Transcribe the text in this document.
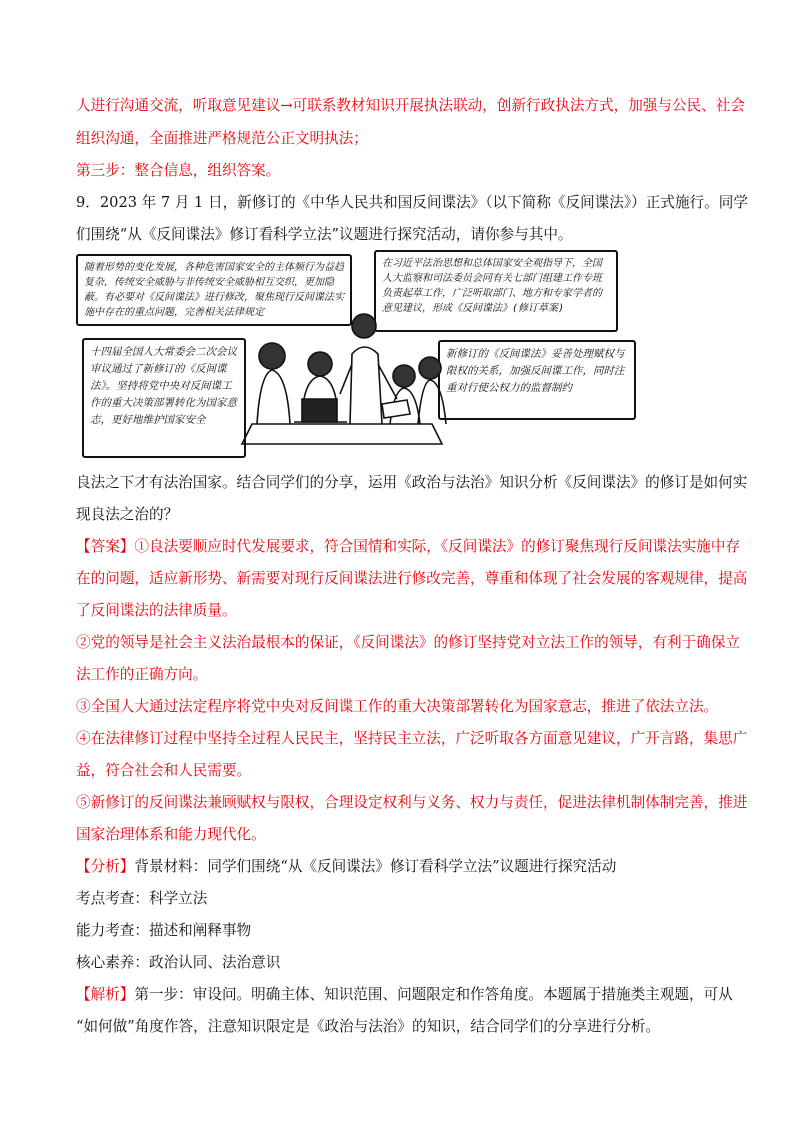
人进行沟通交流，听取意见建议→可联系教材知识开展执法联动，创新行政执法方式，加强与公民、社会
组织沟通，全面推进严格规范公正文明执法；
第三步：整合信息，组织答案。
9．2023 年 7 月 1 日，新修订的《中华人民共和国反间谍法》（以下简称《反间谍法》）正式施行。同学
们围绕“从《反间谍法》修订看科学立法”议题进行探究活动，请你参与其中。
随着形势的变化发展，各种危害国家安全的主体频行为益趋复杂，传统安全威胁与非传统安全威胁相互交织，更加隐蔽。有必要对《反间谍法》进行修改，聚焦现行反间谍法实施中存在的重点问题，完善相关法律规定
在习近平法治思想和总体国家安全观指导下，全国人大监察和司法委员会同有关七部门组建工作专班负责起草工作，广泛听取部门、地方和专家学者的意见建议，形成《反间谍法》(修订草案)
十四届全国人大常委会二次会议审议通过了新修订的《反间谍法》。坚持将党中央对反间谍工作的重大决策部署转化为国家意志，更好地维护国家安全
新修订的《反间谍法》妥善处理赋权与限权的关系，加强反间谍工作，同时注重对行使公权力的监督制约
良法之下才有法治国家。结合同学们的分享，运用《政治与法治》知识分析《反间谍法》的修订是如何实
现良法之治的？
【答案】①良法要顺应时代发展要求，符合国情和实际，《反间谍法》的修订聚焦现行反间谍法实施中存
在的问题，适应新形势、新需要对现行反间谍法进行修改完善，尊重和体现了社会发展的客观规律，提高
了反间谍法的法律质量。
②党的领导是社会主义法治最根本的保证，《反间谍法》的修订坚持党对立法工作的领导，有利于确保立
法工作的正确方向。
③全国人大通过法定程序将党中央对反间谍工作的重大决策部署转化为国家意志，推进了依法立法。
④在法律修订过程中坚持全过程人民民主，坚持民主立法，广泛听取各方面意见建议，广开言路，集思广
益，符合社会和人民需要。
⑤新修订的反间谍法兼顾赋权与限权，合理设定权利与义务、权力与责任，促进法律机制体制完善，推进
国家治理体系和能力现代化。
【分析】背景材料：同学们围绕“从《反间谍法》修订看科学立法”议题进行探究活动
考点考查：科学立法
能力考查：描述和阐释事物
核心素养：政治认同、法治意识
【解析】第一步：审设问。明确主体、知识范围、问题限定和作答角度。本题属于措施类主观题，可从
“如何做”角度作答，注意知识限定是《政治与法治》的知识，结合同学们的分享进行分析。
